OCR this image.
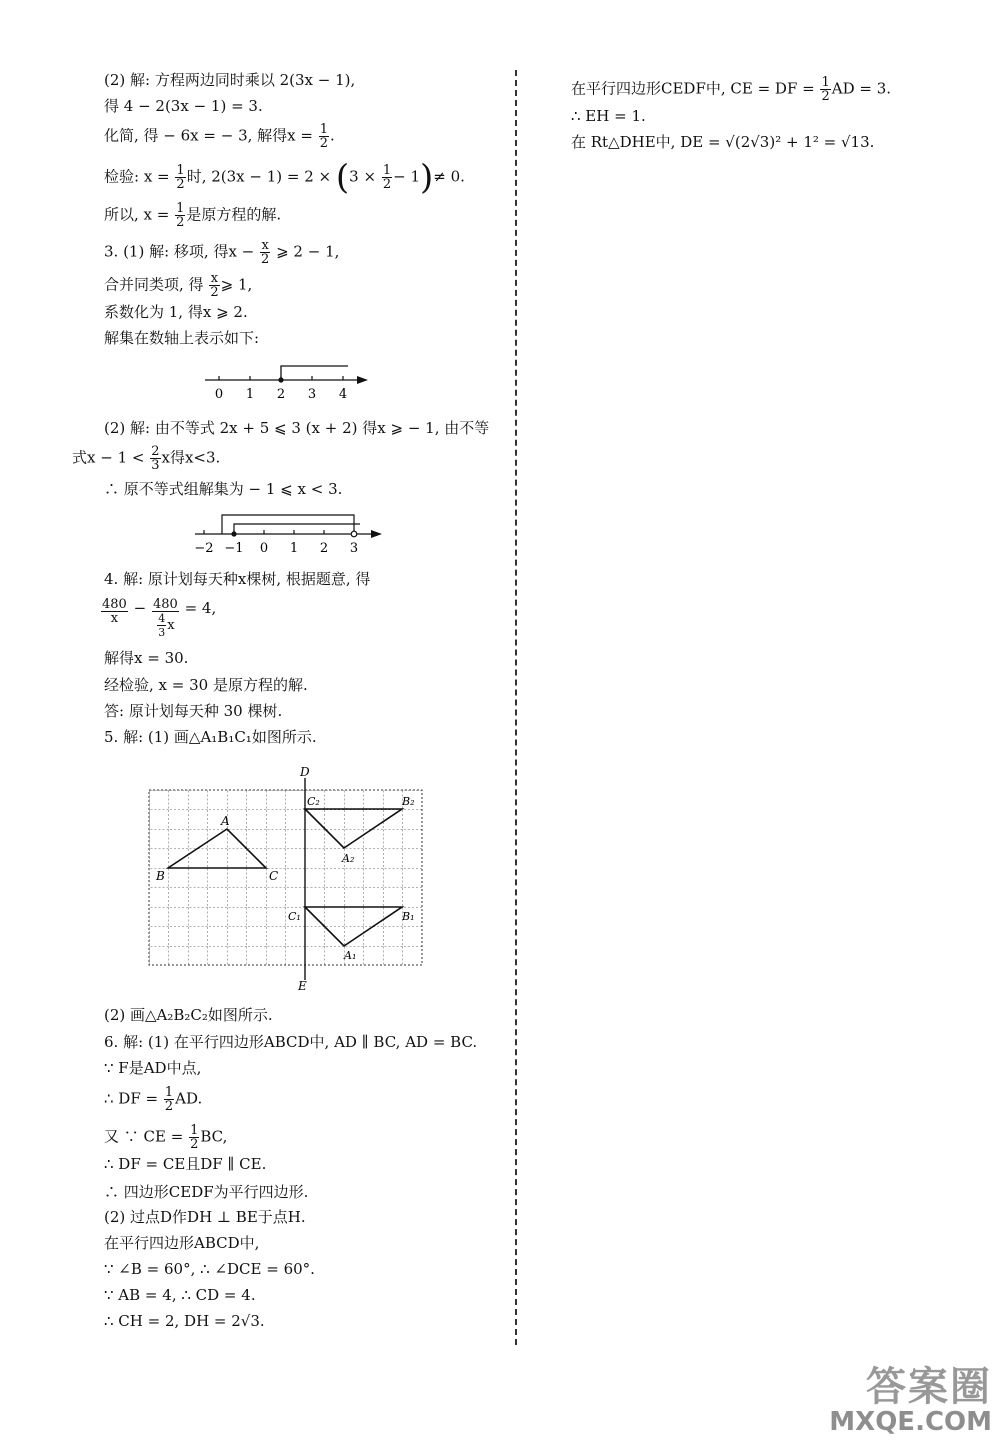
(2) 解: 方程两边同时乘以 2(3x − 1),
得 4 − 2(3x − 1) = 3.
化简, 得 − 6x = − 3, 解得$x = \frac{1}{2}$ .
检验: $x = \frac{1}{2}$ 时, $2(3x - 1) = 2 \times (3 \times \frac{1}{2} - 1)\ne 0$.
所以, $x = \frac{1}{2}$ 是原方程的解.
3. (1) 解: 移项, 得$x - \frac{x}{2}$ ⩾ 2 − 1,
合并同类项, 得 $\frac{x}{2}$ ⩾ 1,
系数化为 1, 得x ⩾ 2.
解集在数轴上表示如下:
0 1 2 3 4
(2) 解: 由不等式 2x + 5 ⩽ 3 (x + 2) 得x ⩾ − 1, 由不等
式$x - 1 < \frac{2}{3}$ x得x<3.
∴ 原不等式组解集为 − 1 ⩽ x < 3.
−2 −1 0 1 2 3
4. 解: 原计划每天种x棵树, 根据题意, 得
$\frac{480}{x} - \frac{480}{\frac{4}{3} x} = 4$,
解得x = 30.
经检验, x = 30 是原方程的解.
答: 原计划每天种 30 棵树.
5. 解: (1) 画△A₁B₁C₁如图所示.
D
E
A
B	C
C₂	B₂
A₂
C₁	B₁
A₁
(2) 画△A₂B₂C₂如图所示.
6. 解: (1) 在平行四边形ABCD中, AD ∥ BC, AD = BC.
∵ F是AD中点,
∴ DF = $\frac{1}{2}$ AD.
又 ∵ CE = $\frac{1}{2}$ BC,
∴ DF = CE且DF ∥ CE.
∴ 四边形CEDF为平行四边形.
(2) 过点D作DH ⊥ BE于点H.
在平行四边形ABCD中,
∵ ∠B = 60°, ∴ ∠DCE = 60°.
∵ AB = 4, ∴ CD = 4.
∴ CH = 2, DH = 2√3.
在平行四边形CEDF中, CE = DF = $\frac{1}{2}$ AD = 3.
∴ EH = 1.
在 Rt△DHE中, DE = √(2√3)² + 1² = √13.
答案圈
MXQE.COM
